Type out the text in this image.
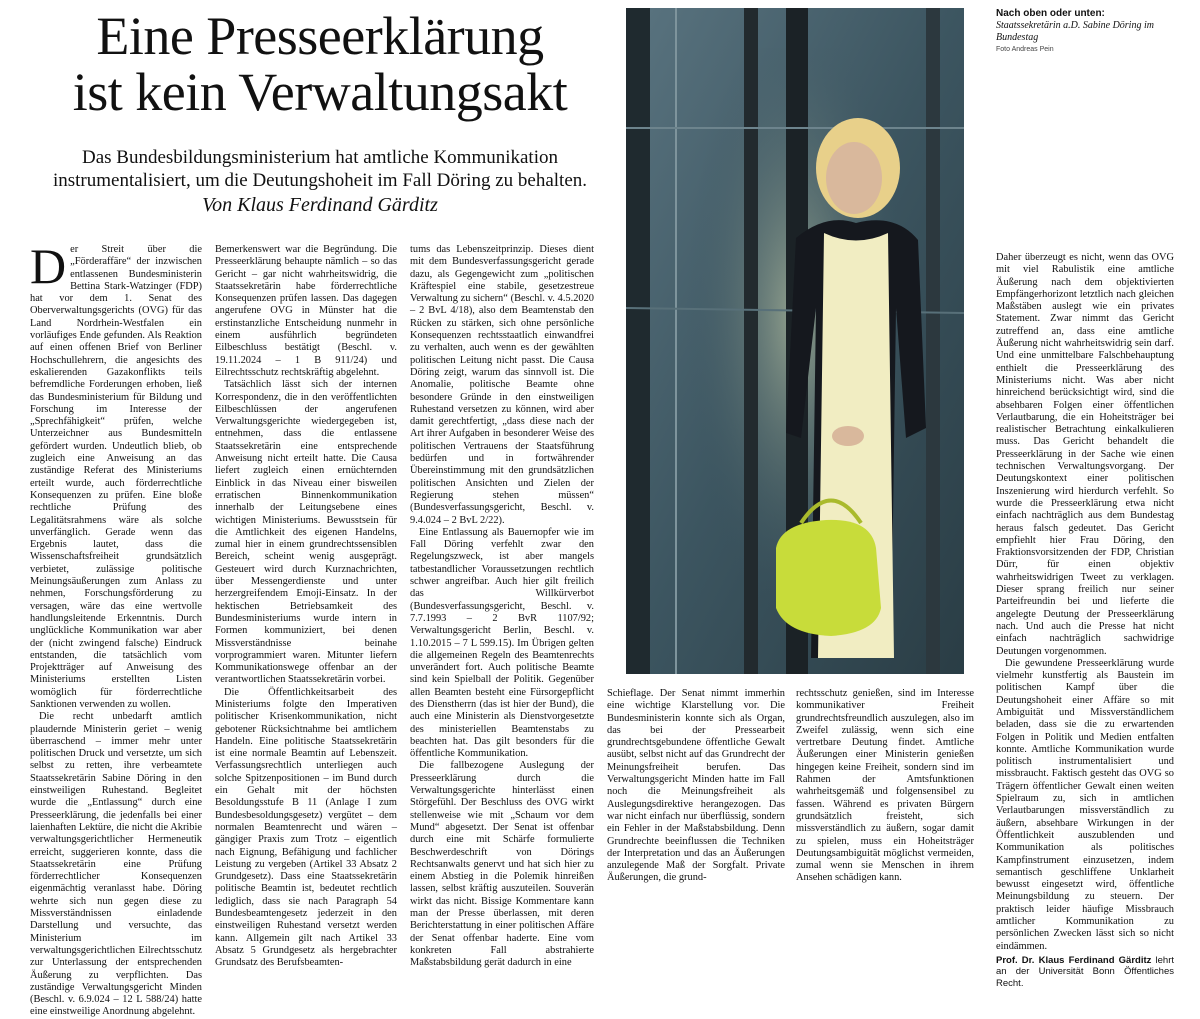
Eine Presseerklärung
ist kein Verwaltungsakt

Das Bundesbildungsministerium hat amtliche Kommunikation instrumentalisiert, um die Deutungshoheit im Fall Döring zu behalten.

Von Klaus Ferdinand Gärditz

Der Streit über die „Förderaffäre“ der inzwischen entlassenen Bundesministerin Bettina Stark-Watzinger (FDP) hat vor dem 1. Senat des Oberverwaltungsgerichts (OVG) für das Land Nordrhein-Westfalen ein vorläufiges Ende gefunden. Als Reaktion auf einen offenen Brief von Berliner Hochschullehrern, die angesichts des eskalierenden Gazakonflikts teils befremdliche Forderungen erhoben, ließ das Bundesministerium für Bildung und Forschung im Interesse der „Sprechfähigkeit“ prüfen, welche Unterzeichner aus Bundesmitteln gefördert wurden. Undeutlich blieb, ob zugleich eine Anweisung an das zuständige Referat des Ministeriums erteilt wurde, auch förderrechtliche Konsequenzen zu prüfen. Eine bloße rechtliche Prüfung des Legalitätsrahmens wäre als solche unverfänglich. Gerade wenn das Ergebnis lautet, dass die Wissenschaftsfreiheit grundsätzlich verbietet, zulässige politische Meinungsäußerungen zum Anlass zu nehmen, Forschungsförderung zu versagen, wäre das eine wertvolle handlungsleitende Erkenntnis. Durch unglückliche Kommunikation war aber der (nicht zwingend falsche) Eindruck entstanden, die tatsächlich vom Projektträger auf Anweisung des Ministeriums erstellten Listen womöglich für förderrechtliche Sanktionen verwenden zu wollen.

Die recht unbedarft amtlich plaudernde Ministerin geriet – wenig überraschend – immer mehr unter politischen Druck und versetzte, um sich selbst zu retten, ihre verbeamtete Staatssekretärin Sabine Döring in den einstweiligen Ruhestand. Begleitet wurde die „Entlassung“ durch eine Presseerklärung, die jedenfalls bei einer laienhaften Lektüre, die nicht die Akribie verwaltungsgerichtlicher Hermeneutik erreicht, suggerieren konnte, dass die Staatssekretärin eine Prüfung förderrechtlicher Konsequenzen eigenmächtig veranlasst habe. Döring wehrte sich nun gegen diese zu Missverständnissen einladende Darstellung und versuchte, das Ministerium im verwaltungsgerichtlichen Eilrechtsschutz zur Unterlassung der entsprechenden Äußerung zu verpflichten. Das zuständige Verwaltungsgericht Minden (Beschl. v. 6.9.024 – 12 L 588/24) hatte eine einstweilige Anordnung abgelehnt.

Bemerkenswert war die Begründung. Die Presseerklärung behaupte nämlich – so das Gericht – gar nicht wahrheitswidrig, die Staatssekretärin habe förderrechtliche Konsequenzen prüfen lassen. Das dagegen angerufene OVG in Münster hat die erstinstanzliche Entscheidung nunmehr in einem ausführlich begründeten Eilbeschluss bestätigt (Beschl. v. 19.11.2024 – 1 B 911/24) und Eilrechtsschutz rechtskräftig abgelehnt.

Tatsächlich lässt sich der internen Korrespondenz, die in den veröffentlichten Eilbeschlüssen der angerufenen Verwaltungsgerichte wiedergegeben ist, entnehmen, dass die entlassene Staatssekretärin eine entsprechende Anweisung nicht erteilt hatte. Die Causa liefert zugleich einen ernüchternden Einblick in das Niveau einer bisweilen erratischen Binnenkommunikation innerhalb der Leitungsebene eines wichtigen Ministeriums. Bewusstsein für die Amtlichkeit des eigenen Handelns, zumal hier in einem grundrechtssensiblen Bereich, scheint wenig ausgeprägt. Gesteuert wird durch Kurznachrichten, über Messengerdienste und unter herzergreifendem Emoji-Einsatz. In der hektischen Betriebsamkeit des Bundesministeriums wurde intern in Formen kommuniziert, bei denen Missverständnisse beinahe vorprogrammiert waren. Mitunter liefern Kommunikationswege offenbar an der verantwortlichen Staatssekretärin vorbei.

Die Öffentlichkeitsarbeit des Ministeriums folgte den Imperativen politischer Krisenkommunikation, nicht gebotener Rücksichtnahme bei amtlichem Handeln. Eine politische Staatssekretärin ist eine normale Beamtin auf Lebenszeit. Verfassungsrechtlich unterliegen auch solche Spitzenpositionen – im Bund durch ein Gehalt mit der höchsten Besoldungsstufe B 11 (Anlage I zum Bundesbesoldungsgesetz) vergütet – dem normalen Beamtenrecht und wären – gängiger Praxis zum Trotz – eigentlich nach Eignung, Befähigung und fachlicher Leistung zu vergeben (Artikel 33 Absatz 2 Grundgesetz). Dass eine Staatssekretärin politische Beamtin ist, bedeutet rechtlich lediglich, dass sie nach Paragraph 54 Bundesbeamtengesetz jederzeit in den einstweiligen Ruhestand versetzt werden kann. Allgemein gilt nach Artikel 33 Absatz 5 Grundgesetz als hergebrachter Grundsatz des Berufsbeamten-

tums das Lebenszeitprinzip. Dieses dient mit dem Bundesverfassungsgericht gerade dazu, als Gegengewicht zum „politischen Kräftespiel eine stabile, gesetzestreue Verwaltung zu sichern“ (Beschl. v. 4.5.2020 – 2 BvL 4/18), also dem Beamtenstab den Rücken zu stärken, sich ohne persönliche Konsequenzen rechtsstaatlich einwandfrei zu verhalten, auch wenn es der gewählten politischen Leitung nicht passt. Die Causa Döring zeigt, warum das sinnvoll ist. Die Anomalie, politische Beamte ohne besondere Gründe in den einstweiligen Ruhestand versetzen zu können, wird aber damit gerechtfertigt, „dass diese nach der Art ihrer Aufgaben in besonderer Weise des politischen Vertrauens der Staatsführung bedürfen und in fortwährender Übereinstimmung mit den grundsätzlichen politischen Ansichten und Zielen der Regierung stehen müssen“ (Bundesverfassungsgericht, Beschl. v. 9.4.024 – 2 BvL 2/22).

Eine Entlassung als Bauernopfer wie im Fall Döring verfehlt zwar den Regelungszweck, ist aber mangels tatbestandlicher Voraussetzungen rechtlich schwer angreifbar. Auch hier gilt freilich das Willkürverbot (Bundesverfassungsgericht, Beschl. v. 7.7.1993 – 2 BvR 1107/92; Verwaltungsgericht Berlin, Beschl. v. 1.10.2015 – 7 L 599.15). Im Übrigen gelten die allgemeinen Regeln des Beamtenrechts unverändert fort. Auch politische Beamte sind kein Spielball der Politik. Gegenüber allen Beamten besteht eine Fürsorgepflicht des Dienstherrn (das ist hier der Bund), die auch eine Ministerin als Dienstvorgesetzte des ministeriellen Beamtenstabs zu beachten hat. Das gilt besonders für die öffentliche Kommunikation.

Die fallbezogene Auslegung der Presseerklärung durch die Verwaltungsgerichte hinterlässt einen Störgefühl. Der Beschluss des OVG wirkt stellenweise wie mit „Schaum vor dem Mund“ abgesetzt. Der Senat ist offenbar durch eine mit Schärfe formulierte Beschwerdeschrift von Dörings Rechtsanwalts genervt und hat sich hier zu einem Abstieg in die Polemik hinreißen lassen, selbst kräftig auszuteilen. Souverän wirkt das nicht. Bissige Kommentare kann man der Presse überlassen, mit deren Berichterstattung in einer politischen Affäre der Senat offenbar haderte. Eine vom konkreten Fall abstrahierte Maßstabsbildung gerät dadurch in eine

Schieflage. Der Senat nimmt immerhin eine wichtige Klarstellung vor. Die Bundesministerin konnte sich als Organ, das bei der Pressearbeit grundrechtsgebundene öffentliche Gewalt ausübt, selbst nicht auf das Grundrecht der Meinungsfreiheit berufen. Das Verwaltungsgericht Minden hatte im Fall noch die Meinungsfreiheit als Auslegungsdirektive herangezogen. Das war nicht einfach nur überflüssig, sondern ein Fehler in der Maßstabsbildung. Denn Grundrechte beeinflussen die Techniken der Interpretation und das an Äußerungen anzulegende Maß der Sorgfalt. Private Äußerungen, die grund-

rechtsschutz genießen, sind im Interesse kommunikativer Freiheit grundrechtsfreundlich auszulegen, also im Zweifel zulässig, wenn sich eine vertretbare Deutung findet. Amtliche Äußerungen einer Ministerin genießen hingegen keine Freiheit, sondern sind im Rahmen der Amtsfunktionen wahrheitsgemäß und folgensensibel zu fassen. Während es privaten Bürgern grundsätzlich freisteht, sich missverständlich zu äußern, sogar damit zu spielen, muss ein Hoheitsträger Deutungsambiguität möglichst vermeiden, zumal wenn sie Menschen in ihrem Ansehen schädigen kann.

Nach oben oder unten:
Staatssekretärin a.D. Sabine Döring im Bundestag
Foto Andreas Pein

Daher überzeugt es nicht, wenn das OVG mit viel Rabulistik eine amtliche Äußerung nach dem objektivierten Empfängerhorizont letztlich nach gleichen Maßstäben auslegt wie ein privates Statement. Zwar nimmt das Gericht zutreffend an, dass eine amtliche Äußerung nicht wahrheitswidrig sein darf. Und eine unmittelbare Falschbehauptung enthielt die Presseerklärung des Ministeriums nicht. Was aber nicht hinreichend berücksichtigt wird, sind die absehbaren Folgen einer öffentlichen Verlautbarung, die ein Hoheitsträger bei realistischer Betrachtung einkalkulieren muss. Das Gericht behandelt die Presseerklärung in der Sache wie einen technischen Verwaltungsvorgang. Der Deutungskontext einer politischen Inszenierung wird hierdurch verfehlt. So wurde die Presseerklärung etwa nicht einfach nachträglich aus dem Bundestag heraus falsch gedeutet. Das Gericht empfiehlt hier Frau Döring, den Fraktionsvorsitzenden der FDP, Christian Dürr, für einen objektiv wahrheitswidrigen Tweet zu verklagen. Dieser sprang freilich nur seiner Parteifreundin bei und lieferte die angelegte Deutung der Presseerklärung nach. Und auch die Presse hat nicht einfach nachträglich sachwidrige Deutungen vorgenommen.

Die gewundene Presseerklärung wurde vielmehr kunstfertig als Baustein im politischen Kampf über die Deutungshoheit einer Affäre so mit Ambiguität und Missverständlichem beladen, dass sie die zu erwartenden Folgen in Politik und Medien entfalten konnte. Amtliche Kommunikation wurde politisch instrumentalisiert und missbraucht. Faktisch gesteht das OVG so Trägern öffentlicher Gewalt einen weiten Spielraum zu, sich in amtlichen Verlautbarungen missverständlich zu äußern, absehbare Wirkungen in der Öffentlichkeit auszublenden und Kommunikation als politisches Kampfinstrument einzusetzen, indem semantisch geschliffene Unklarheit bewusst eingesetzt wird, öffentliche Meinungsbildung zu steuern. Der praktisch leider häufige Missbrauch amtlicher Kommunikation zu persönlichen Zwecken lässt sich so nicht eindämmen.

Prof. Dr. Klaus Ferdinand Gärditz lehrt an der Universität Bonn Öffentliches Recht.
